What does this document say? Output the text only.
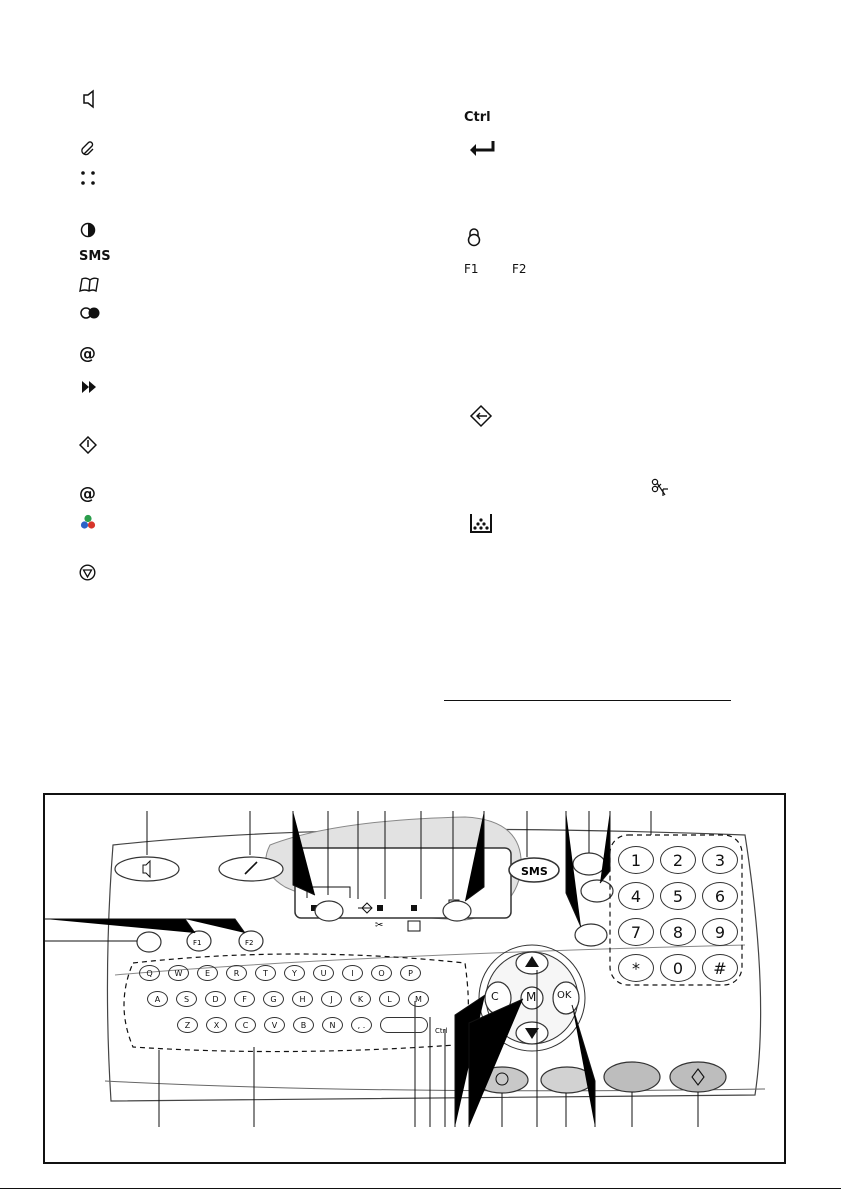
SMS
@
@
Ctrl
F1	F2
✂
SMS
F1	F2
1	2	3
4	5	6
7	8	9
*	0	#
C M OK
Ctrl
Q	W	E	R	T	Y	U	I	O	P
A	S	D	F	G	H	J	K	L	M
Z	X	C	V	B	N	, .
